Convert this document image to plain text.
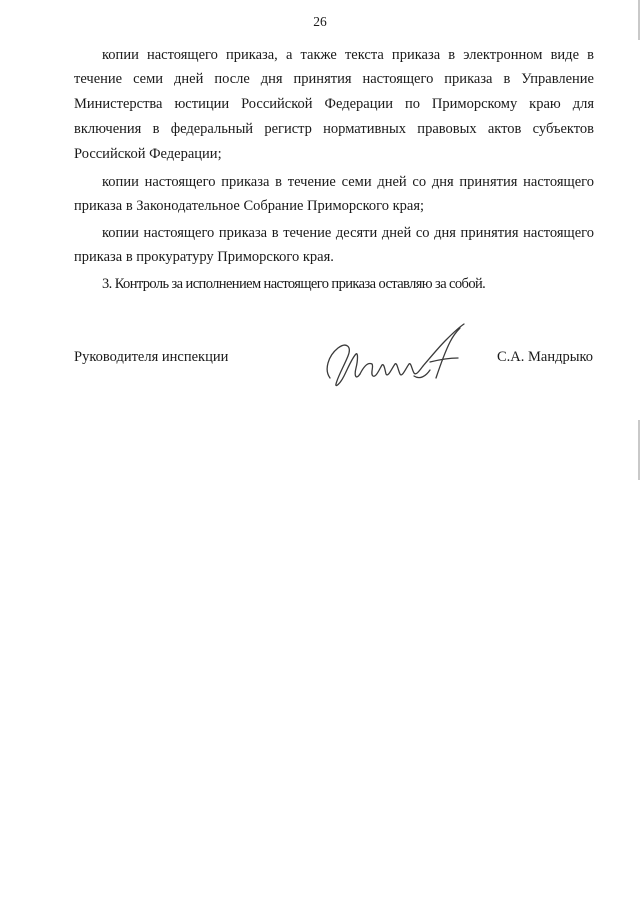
26
копии настоящего приказа, а также текста приказа в электронном виде в
течение семи дней после дня принятия настоящего приказа в Управление
Министерства юстиции Российской Федерации по Приморскому краю для
включения в федеральный регистр нормативных правовых актов субъектов
Российской Федерации;
копии настоящего приказа в течение семи дней со дня принятия настоящего
приказа в Законодательное Собрание Приморского края;
копии настоящего приказа в течение десяти дней со дня принятия настоящего
приказа в прокуратуру Приморского края.
3. Контроль за исполнением настоящего приказа оставляю за собой.
Руководителя инспекции	С.А. Мандрыко
